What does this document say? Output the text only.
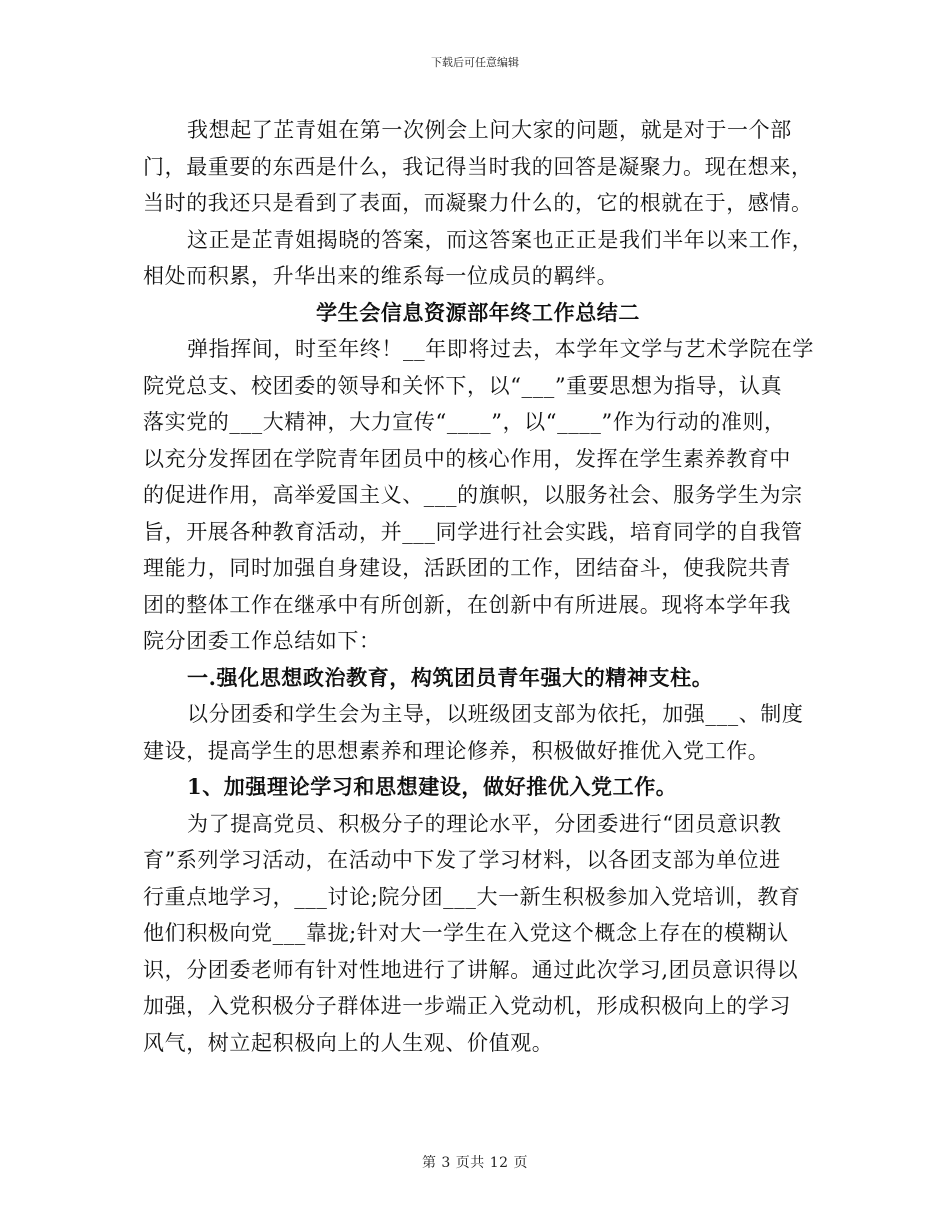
下载后可任意编辑
我想起了芷青姐在第一次例会上问大家的问题，就是对于一个部
门，最重要的东西是什么，我记得当时我的回答是凝聚力。现在想来，
当时的我还只是看到了表面，而凝聚力什么的，它的根就在于，感情。
这正是芷青姐揭晓的答案，而这答案也正正是我们半年以来工作，
相处而积累，升华出来的维系每一位成员的羁绊。
学生会信息资源部年终工作总结二
弹指挥间，时至年终！__年即将过去，本学年文学与艺术学院在学
院党总支、校团委的领导和关怀下，以“___”重要思想为指导，认真
落实党的___大精神，大力宣传“____”，以“____”作为行动的准则，
以充分发挥团在学院青年团员中的核心作用，发挥在学生素养教育中
的促进作用，高举爱国主义、___的旗帜，以服务社会、服务学生为宗
旨，开展各种教育活动，并___同学进行社会实践，培育同学的自我管
理能力，同时加强自身建设，活跃团的工作，团结奋斗，使我院共青
团的整体工作在继承中有所创新，在创新中有所进展。现将本学年我
院分团委工作总结如下：
一.强化思想政治教育，构筑团员青年强大的精神支柱。
以分团委和学生会为主导，以班级团支部为依托，加强___、制度
建设，提高学生的思想素养和理论修养，积极做好推优入党工作。
1、加强理论学习和思想建设，做好推优入党工作。
为了提高党员、积极分子的理论水平，分团委进行“团员意识教
育”系列学习活动，在活动中下发了学习材料，以各团支部为单位进
行重点地学习，___讨论;院分团___大一新生积极参加入党培训，教育
他们积极向党___靠拢;针对大一学生在入党这个概念上存在的模糊认
识，分团委老师有针对性地进行了讲解。通过此次学习,团员意识得以
加强，入党积极分子群体进一步端正入党动机，形成积极向上的学习
风气，树立起积极向上的人生观、价值观。
第 3 页共 12 页
